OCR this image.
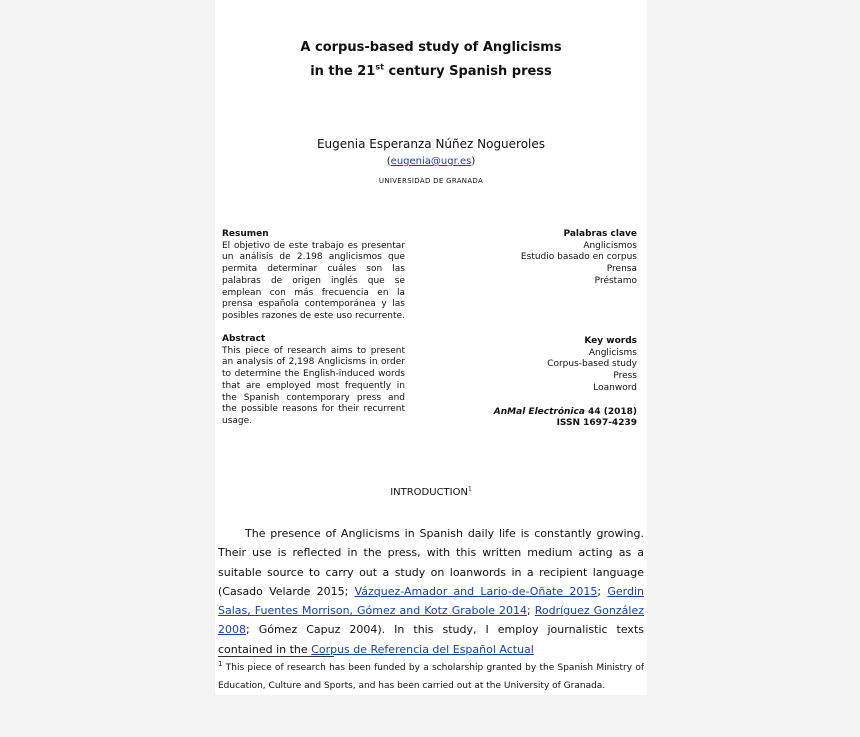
A corpus-based study of Anglicisms
in the 21st century Spanish press
Eugenia Esperanza Núñez Nogueroles
(eugenia@ugr.es)
UNIVERSIDAD DE GRANADA
Resumen
El objetivo de este trabajo es presentar un análisis de 2.198 anglicismos que permita determinar cuáles son las palabras de origen inglés que se emplean con más frecuencia en la prensa española contemporánea y las posibles razones de este uso recurrente.
Palabras clave
Anglicismos
Estudio basado en corpus
Prensa
Préstamo
Abstract
This piece of research aims to present an analysis of 2,198 Anglicisms in order to determine the English-induced words that are employed most frequently in the Spanish contemporary press and the possible reasons for their recurrent usage.
Key words
Anglicisms
Corpus-based study
Press
Loanword
AnMal Electrónica 44 (2018)
ISSN 1697-4239
INTRODUCTION$^1$
The presence of Anglicisms in Spanish daily life is constantly growing. Their use is reflected in the press, with this written medium acting as a suitable source to carry out a study on loanwords in a recipient language (Casado Velarde 2015; Vázquez-Amador and Lario-de-Oñate 2015; Gerdin Salas, Fuentes Morrison, Gómez and Kotz Grabole 2014; Rodríguez González 2008; Gómez Capuz 2004). In this study, I employ journalistic texts contained in the Corpus de Referencia del Español Actual
$^1$ This piece of research has been funded by a scholarship granted by the Spanish Ministry of Education, Culture and Sports, and has been carried out at the University of Granada.
